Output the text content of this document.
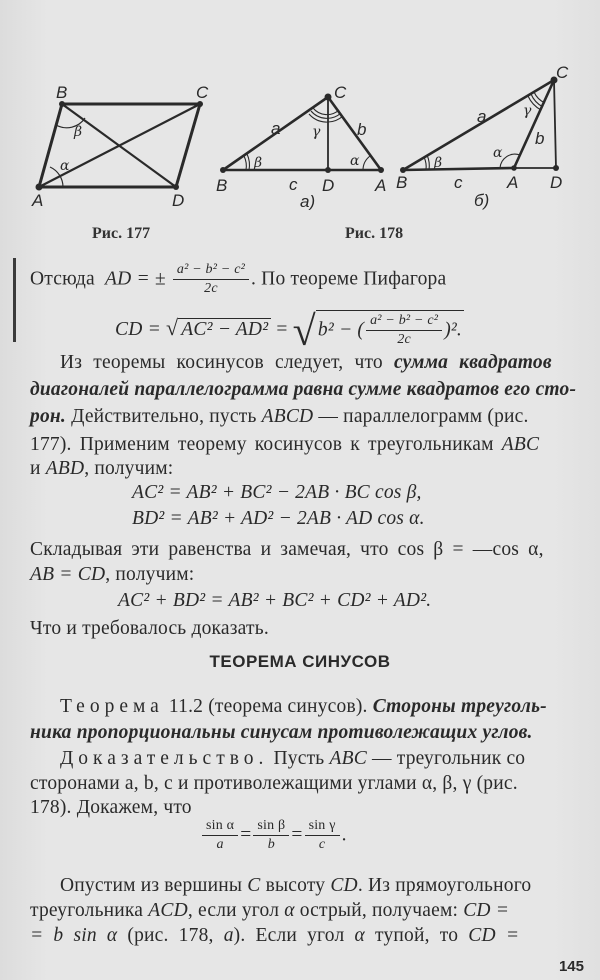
A
B	C
D
β
α
Рис. 177
B
C
A
D
a	b
c
γ
β	α
а)
B
C
A D
a
b
c
γ
β
α
б)
Рис. 178
Отсюда AD = ± $\frac{\text{a² − b² − c²}}{2c}$ . По теореме Пифагора
CD = √ AC² − AD² = √ b² − ( $\frac{\text{a² − b² − c²}}{2c} )^2$.
Из теоремы косинусов следует, что сумма квадратов
диагоналей параллелограмма равна сумме квадратов его сто-
рон. Действительно, пусть ABCD — параллелограмм (рис.
177). Применим теорему косинусов к треугольникам ABC
и ABD, получим:
AC² = AB² + BC² − 2AB · BC cos β,
BD² = AB² + AD² − 2AB · AD cos α.
Складывая эти равенства и замечая, что cos β = —cos α,
AB = CD, получим:
AC² + BD² = AB² + BC² + CD² + AD².
Что и требовалось доказать.
ТЕОРЕМА СИНУСОВ
Теорема 11.2 (теорема синусов). Стороны треуголь-
ника пропорциональны синусам противолежащих углов.
Доказательство. Пусть ABC — треугольник со
сторонами a, b, c и противолежащими углами α, β, γ (рис.
178). Докажем, что
$\frac{\text{sin α}}{a} = \frac{\text{sin β}}{b} = \frac{\text{sin γ}}{c}$ .
Опустим из вершины C высоту CD. Из прямоугольного
треугольника ACD, если угол α острый, получаем: CD =
= b sin α (рис. 178, а). Если угол α тупой, то CD =
145
